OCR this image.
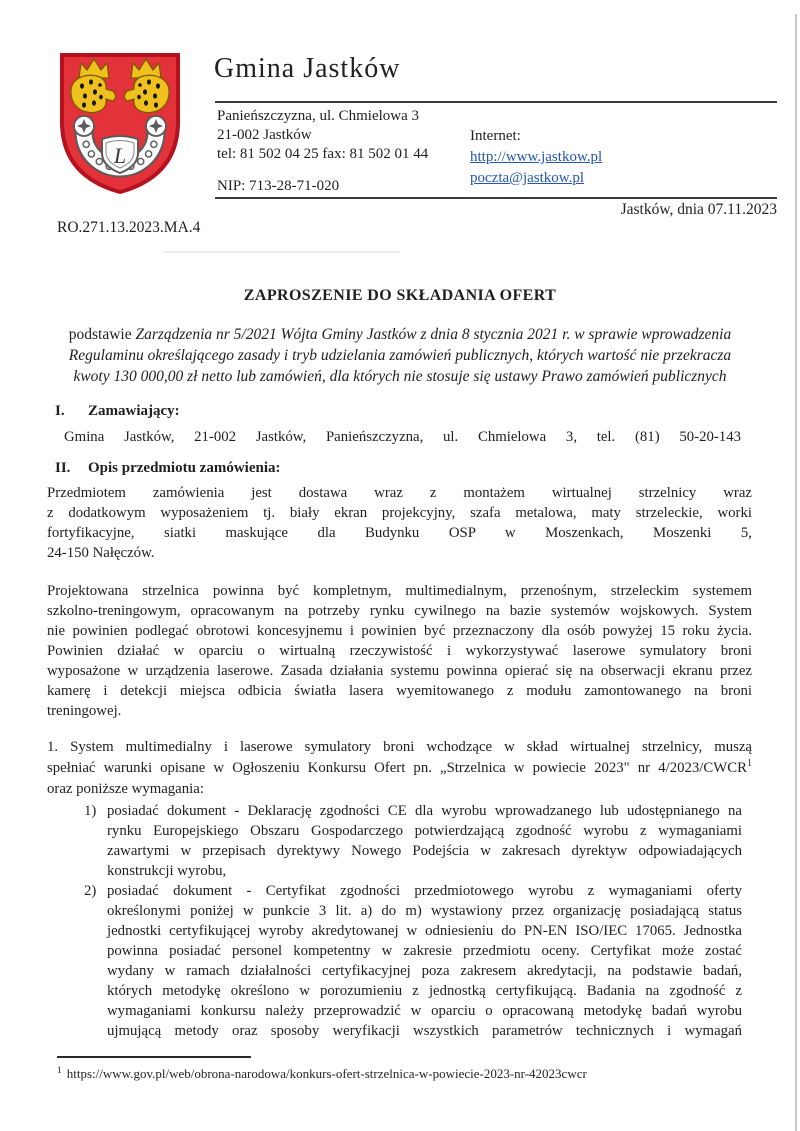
L
Gmina Jastków
Panieńszczyzna, ul. Chmielowa 3
21-002 Jastków
tel: 81 502 04 25 fax: 81 502 01 44
Internet:
http://www.jastkow.pl
poczta@jastkow.pl
NIP: 713-28-71-020
Jastków, dnia 07.11.2023
RO.271.13.2023.MA.4
ZAPROSZENIE DO SKŁADANIA OFERT
podstawie Zarządzenia nr 5/2021 Wójta Gminy Jastków z dnia 8 stycznia 2021 r. w sprawie wprowadzenia
Regulaminu określającego zasady i tryb udzielania zamówień publicznych, których wartość nie przekracza
kwoty 130 000,00 zł netto lub zamówień, dla których nie stosuje się ustawy Prawo zamówień publicznych
I.	Zamawiający:
Gmina Jastków, 21-002 Jastków, Panieńszczyzna, ul. Chmielowa 3, tel. (81) 50-20-143
II.	Opis przedmiotu zamówienia:
Przedmiotem zamówienia jest dostawa wraz z montażem wirtualnej strzelnicy wraz
z dodatkowym wyposażeniem tj. biały ekran projekcyjny, szafa metalowa, maty strzeleckie, worki
fortyfikacyjne, siatki maskujące dla Budynku OSP w Moszenkach, Moszenki 5,
24-150 Nałęczów.
Projektowana strzelnica powinna być kompletnym, multimedialnym, przenośnym, strzeleckim systemem
szkolno-treningowym, opracowanym na potrzeby rynku cywilnego na bazie systemów wojskowych. System
nie powinien podlegać obrotowi koncesyjnemu i powinien być przeznaczony dla osób powyżej 15 roku życia.
Powinien działać w oparciu o wirtualną rzeczywistość i wykorzystywać laserowe symulatory broni
wyposażone w urządzenia laserowe. Zasada działania systemu powinna opierać się na obserwacji ekranu przez
kamerę i detekcji miejsca odbicia światła lasera wyemitowanego z modułu zamontowanego na broni
treningowej.
1. System multimedialny i laserowe symulatory broni wchodzące w skład wirtualnej strzelnicy, muszą
spełniać warunki opisane w Ogłoszeniu Konkursu Ofert pn. „Strzelnica w powiecie 2023" nr 4/2023/CWCR$^1$
oraz poniższe wymagania:
1) posiadać dokument - Deklarację zgodności CE dla wyrobu wprowadzanego lub udostępnianego na
rynku Europejskiego Obszaru Gospodarczego potwierdzającą zgodność wyrobu z wymaganiami
zawartymi w przepisach dyrektywy Nowego Podejścia w zakresach dyrektyw odpowiadających
konstrukcji wyrobu,
2) posiadać dokument - Certyfikat zgodności przedmiotowego wyrobu z wymaganiami oferty
określonymi poniżej w punkcie 3 lit. a) do m) wystawiony przez organizację posiadającą status
jednostki certyfikującej wyroby akredytowanej w odniesieniu do PN-EN ISO/IEC 17065. Jednostka
powinna posiadać personel kompetentny w zakresie przedmiotu oceny. Certyfikat może zostać
wydany w ramach działalności certyfikacyjnej poza zakresem akredytacji, na podstawie badań,
których metodykę określono w porozumieniu z jednostką certyfikującą. Badania na zgodność z
wymaganiami konkursu należy przeprowadzić w oparciu o opracowaną metodykę badań wyrobu
ujmującą metody oraz sposoby weryfikacji wszystkich parametrów technicznych i wymagań
$^1$ https://www.gov.pl/web/obrona-narodowa/konkurs-ofert-strzelnica-w-powiecie-2023-nr-42023cwcr
